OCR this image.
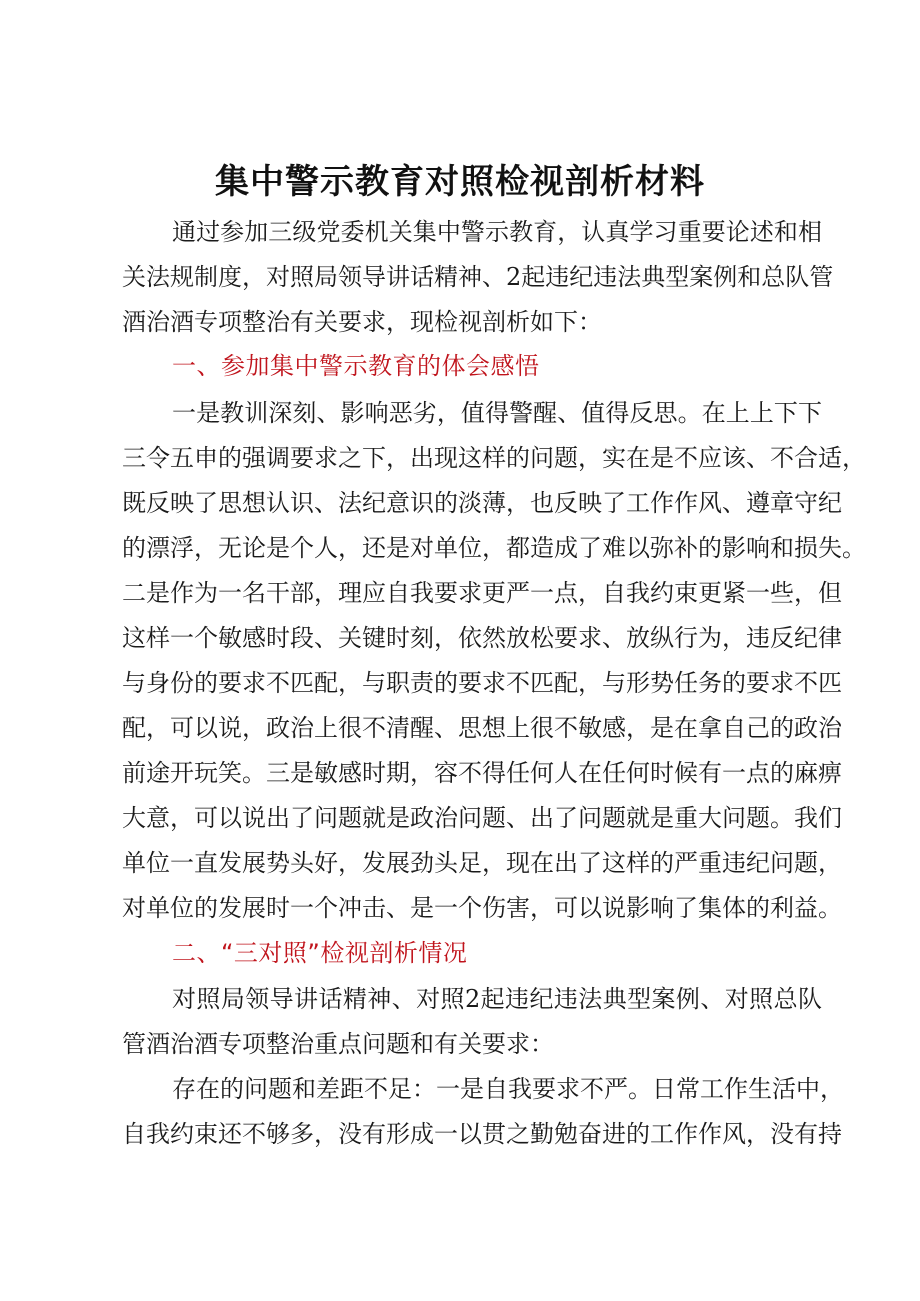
集中警示教育对照检视剖析材料
通过参加三级党委机关集中警示教育，认真学习重要论述和相
关法规制度，对照局领导讲话精神、2起违纪违法典型案例和总队管
酒治酒专项整治有关要求，现检视剖析如下：
一、参加集中警示教育的体会感悟
一是教训深刻、影响恶劣，值得警醒、值得反思。在上上下下
三令五申的强调要求之下，出现这样的问题，实在是不应该、不合适，
既反映了思想认识、法纪意识的淡薄，也反映了工作作风、遵章守纪
的漂浮，无论是个人，还是对单位，都造成了难以弥补的影响和损失。
二是作为一名干部，理应自我要求更严一点，自我约束更紧一些，但
这样一个敏感时段、关键时刻，依然放松要求、放纵行为，违反纪律
与身份的要求不匹配，与职责的要求不匹配，与形势任务的要求不匹
配，可以说，政治上很不清醒、思想上很不敏感，是在拿自己的政治
前途开玩笑。三是敏感时期，容不得任何人在任何时候有一点的麻痹
大意，可以说出了问题就是政治问题、出了问题就是重大问题。我们
单位一直发展势头好，发展劲头足，现在出了这样的严重违纪问题，
对单位的发展时一个冲击、是一个伤害，可以说影响了集体的利益。
二、“三对照”检视剖析情况
对照局领导讲话精神、对照2起违纪违法典型案例、对照总队
管酒治酒专项整治重点问题和有关要求：
存在的问题和差距不足：一是自我要求不严。日常工作生活中，
自我约束还不够多，没有形成一以贯之勤勉奋进的工作作风，没有持
